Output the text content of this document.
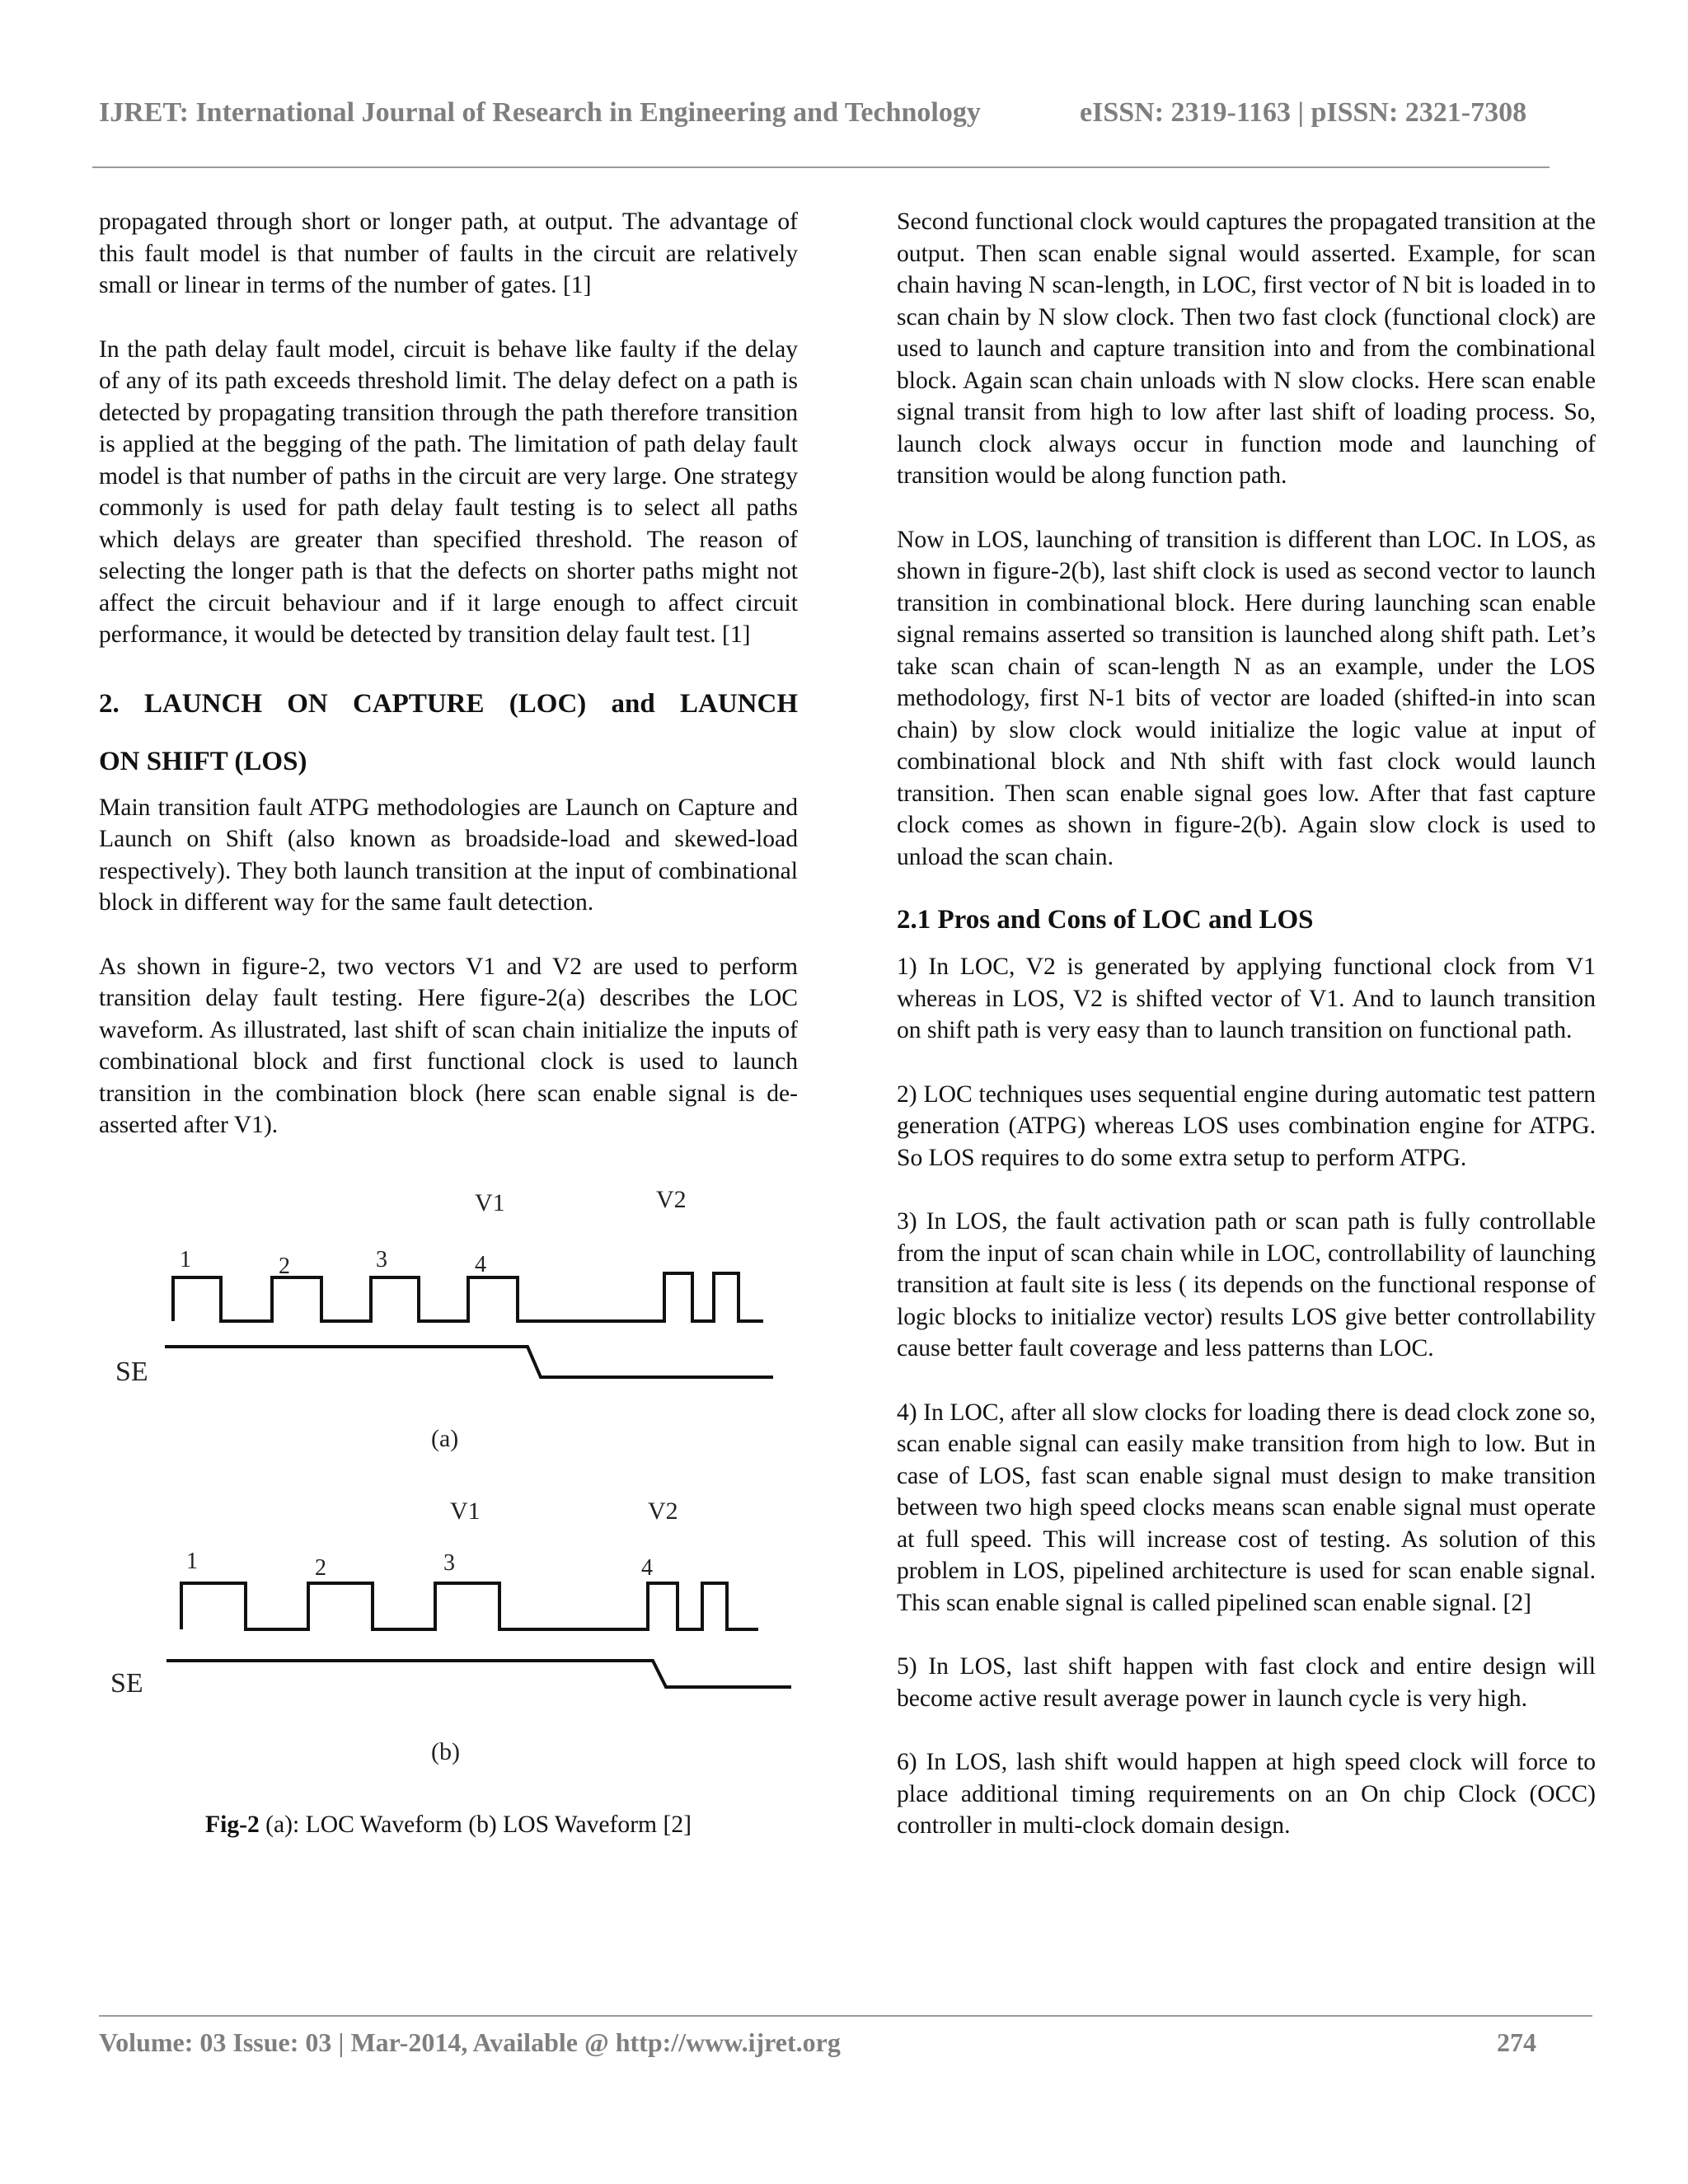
IJRET: International Journal of Research in Engineering and Technology	eISSN: 2319-1163 | pISSN: 2321-7308

propagated through short or longer path, at output. The advantage of this fault model is that number of faults in the circuit are relatively small or linear in terms of the number of gates. [1]

In the path delay fault model, circuit is behave like faulty if the delay of any of its path exceeds threshold limit. The delay defect on a path is detected by propagating transition through the path therefore transition is applied at the begging of the path. The limitation of path delay fault model is that number of paths in the circuit are very large. One strategy commonly is used for path delay fault testing is to select all paths which delays are greater than specified threshold. The reason of selecting the longer path is that the defects on shorter paths might not affect the circuit behaviour and if it large enough to affect circuit performance, it would be detected by transition delay fault test. [1]

2. LAUNCH ON CAPTURE (LOC) and LAUNCH
ON SHIFT (LOS)

Main transition fault ATPG methodologies are Launch on Capture and Launch on Shift (also known as broadside-load and skewed-load respectively). They both launch transition at the input of combinational block in different way for the same fault detection.

As shown in figure-2, two vectors V1 and V2 are used to perform transition delay fault testing. Here figure-2(a) describes the LOC waveform. As illustrated, last shift of scan chain initialize the inputs of combinational block and first functional clock is used to launch transition in the combination block (here scan enable signal is de-asserted after V1).

V1	V2
1	2	3	4
SE
(a)
V1	V2
1	2	3	4
SE
(b)
Fig-2 (a): LOC Waveform (b) LOS Waveform [2]

Second functional clock would captures the propagated transition at the output. Then scan enable signal would asserted. Example, for scan chain having N scan-length, in LOC, first vector of N bit is loaded in to scan chain by N slow clock. Then two fast clock (functional clock) are used to launch and capture transition into and from the combinational block. Again scan chain unloads with N slow clocks. Here scan enable signal transit from high to low after last shift of loading process. So, launch clock always occur in function mode and launching of transition would be along function path.

Now in LOS, launching of transition is different than LOC. In LOS, as shown in figure-2(b), last shift clock is used as second vector to launch transition in combinational block. Here during launching scan enable signal remains asserted so transition is launched along shift path. Let’s take scan chain of scan-length N as an example, under the LOS methodology, first N-1 bits of vector are loaded (shifted-in into scan chain) by slow clock would initialize the logic value at input of combinational block and Nth shift with fast clock would launch transition. Then scan enable signal goes low. After that fast capture clock comes as shown in figure-2(b). Again slow clock is used to unload the scan chain.

2.1 Pros and Cons of LOC and LOS

1) In LOC, V2 is generated by applying functional clock from V1 whereas in LOS, V2 is shifted vector of V1. And to launch transition on shift path is very easy than to launch transition on functional path.

2) LOC techniques uses sequential engine during automatic test pattern generation (ATPG) whereas LOS uses combination engine for ATPG. So LOS requires to do some extra setup to perform ATPG.

3) In LOS, the fault activation path or scan path is fully controllable from the input of scan chain while in LOC, controllability of launching transition at fault site is less ( its depends on the functional response of logic blocks to initialize vector) results LOS give better controllability cause better fault coverage and less patterns than LOC.

4) In LOC, after all slow clocks for loading there is dead clock zone so, scan enable signal can easily make transition from high to low. But in case of LOS, fast scan enable signal must design to make transition between two high speed clocks means scan enable signal must operate at full speed. This will increase cost of testing. As solution of this problem in LOS, pipelined architecture is used for scan enable signal. This scan enable signal is called pipelined scan enable signal. [2]

5) In LOS, last shift happen with fast clock and entire design will become active result average power in launch cycle is very high.

6) In LOS, lash shift would happen at high speed clock will force to place additional timing requirements on an On chip Clock (OCC) controller in multi-clock domain design.

Volume: 03 Issue: 03 | Mar-2014, Available @ http://www.ijret.org	274
